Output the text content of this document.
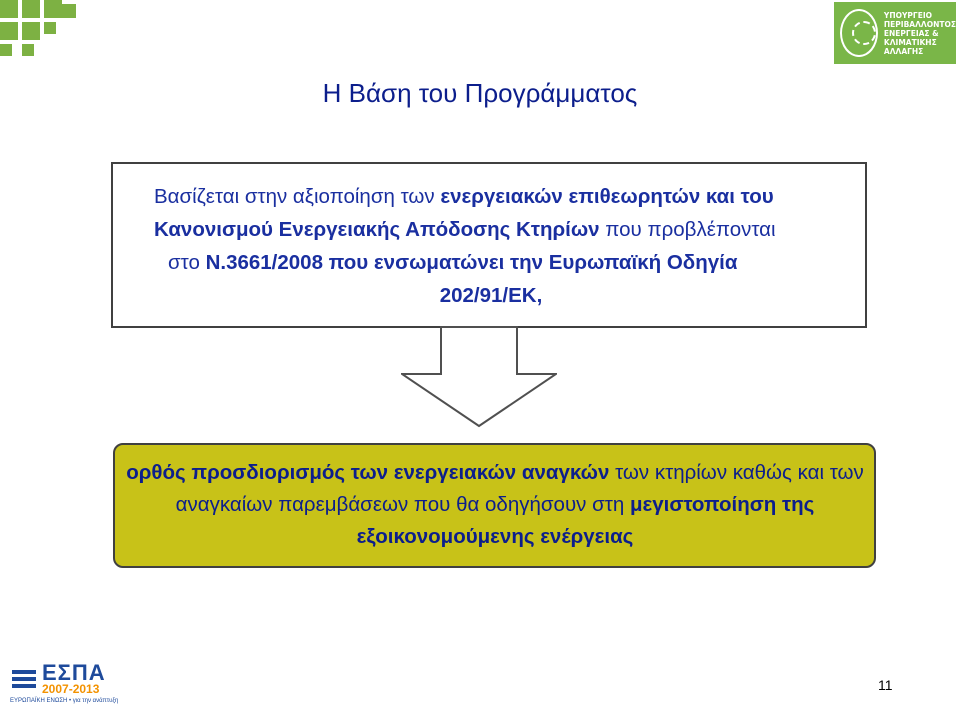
ΥΠΟΥΡΓΕΙΟ
ΠΕΡΙΒΑΛΛΟΝΤΟΣ
ΕΝΕΡΓΕΙΑΣ &
ΚΛΙΜΑΤΙΚΗΣ
ΑΛΛΑΓΗΣ
Η Βάση του Προγράμματος
Βασίζεται στην αξιοποίηση των ενεργειακών επιθεωρητών και του
Κανονισμού Ενεργειακής Απόδοσης Κτηρίων που προβλέπονται
στο Ν.3661/2008 που ενσωματώνει την Ευρωπαϊκή Οδηγία
202/91/ΕΚ,
ορθός προσδιορισμός των ενεργειακών αναγκών των κτηρίων καθώς και των αναγκαίων παρεμβάσεων που θα οδηγήσουν στη μεγιστοποίηση της εξοικονομούμενης ενέργειας
ΕΣΠΑ
2007-2013
ΕΥΡΩΠΑΪΚΗ ΕΝΩΣΗ • για την ανάπτυξη
11
